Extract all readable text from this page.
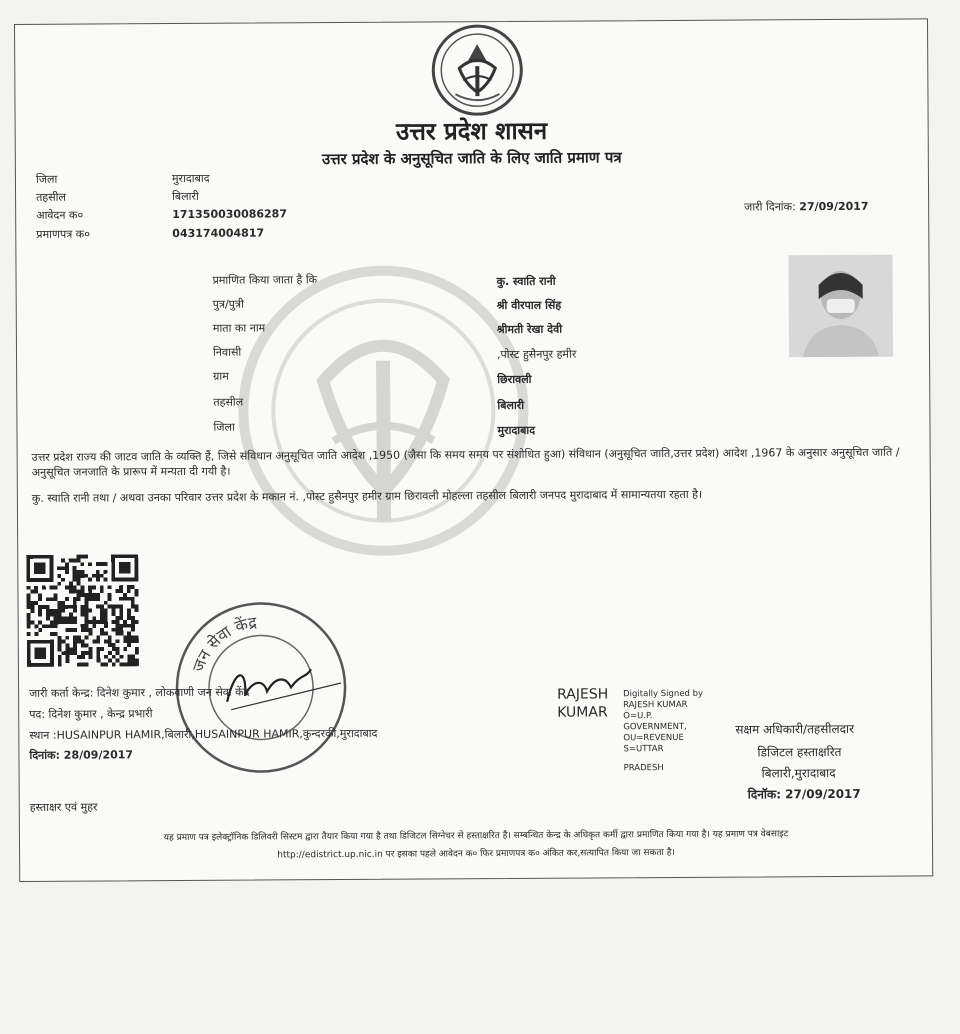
उत्तर प्रदेश शासन
उत्तर प्रदेश के अनुसूचित जाति के लिए जाति प्रमाण पत्र
जिला	मुरादाबाद
तहसील	बिलारी
आवेदन क०	171350030086287
प्रमाणपत्र क०	043174004817
जारी दिनांक: 27/09/2017
प्रमाणित किया जाता है कि	कु. स्वाति रानी
पुत्र/पुत्री	श्री वीरपाल सिंह
माता का नाम	श्रीमती रेखा देवी
निवासी	,पोस्ट हुसैनपुर हमीर
ग्राम	छिरावली
तहसील	बिलारी
जिला	मुरादाबाद
उत्तर प्रदेश राज्य की जाटव जाति के व्यक्ति हैं, जिसे संविधान अनुसूचित जाति आदेश ,1950 (जैसा कि समय समय पर संशोधित हुआ) संविधान (अनुसूचित जाति,उत्तर प्रदेश) आदेश ,1967 के अनुसार अनुसूचित जाति / अनुसूचित जनजाति के प्रारूप में मन्यता दी गयी है।
कु. स्वाति रानी तथा / अथवा उनका परिवार उत्तर प्रदेश के मकान नं. ,पोस्ट हुसैनपुर हमीर ग्राम छिरावली मोहल्ला तहसील बिलारी जनपद मुरादाबाद में सामान्यतया रहता है।
जन सेवा केंद्र
जारी कर्ता केन्द्र: दिनेश कुमार , लोकवाणी जन सेवा केंद्र
पद: दिनेश कुमार , केन्द्र प्रभारी
स्थान :HUSAINPUR HAMIR,बिलारी,HUSAINPUR HAMIR,कुन्दरकी,मुरादाबाद
दिनांक: 28/09/2017
हस्ताक्षर एवं मुहर
RAJESH
KUMAR
Digitally Signed by
RAJESH KUMAR
O=U.P.
GOVERNMENT,
OU=REVENUE
S=UTTAR
PRADESH
सक्षम अधिकारी/तहसीलदार
डिजिटल हस्ताक्षरित
बिलारी,मुरादाबाद
दिनॉक: 27/09/2017
यह प्रमाण पत्र इलेक्ट्रॉनिक डिलिवरी सिस्टम द्वारा तैयार किया गया है तथा डिजिटल सिग्नेचर से हस्ताक्षरित है। सम्बन्धित केन्द्र के अधिकृत कर्मी द्वारा प्रमाणित किया गया है। यह प्रमाण पत्र वेबसाइट
http://edistrict.up.nic.in पर इसका पहले आवेदन क० फिर प्रमाणपत्र क० अंकित कर,सत्यापित किया जा सकता है।
